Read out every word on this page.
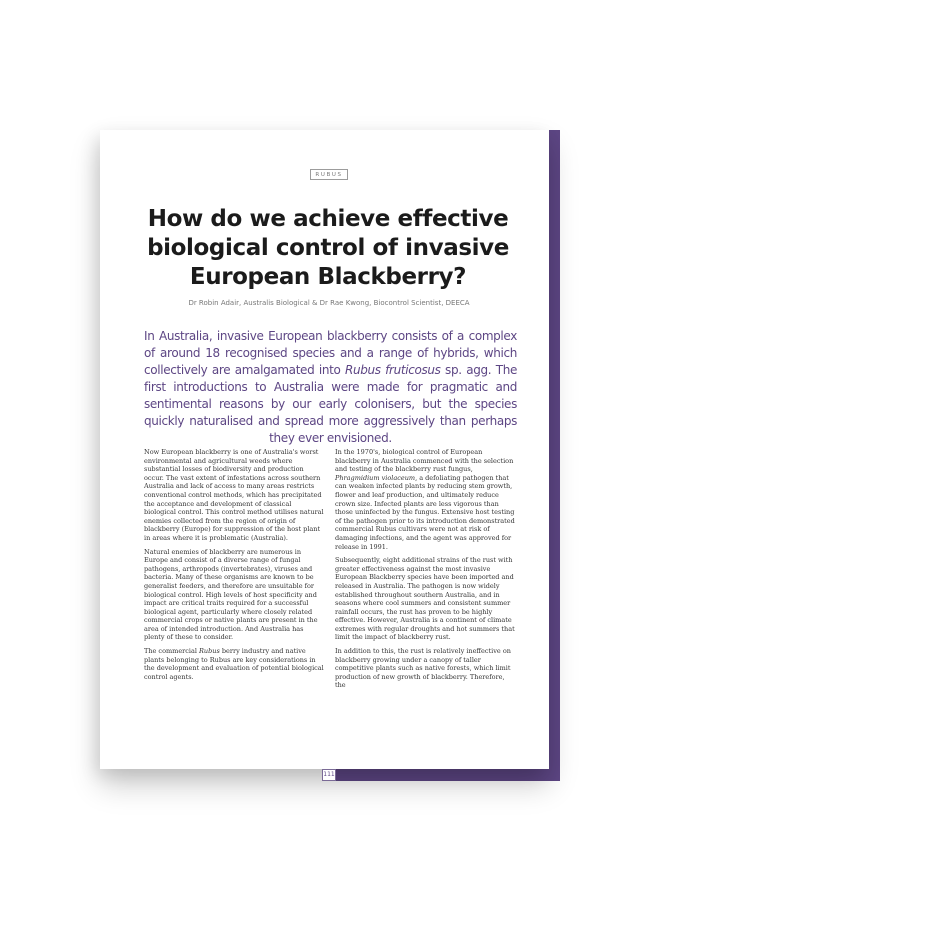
RUBUS
How do we achieve effective biological control of invasive European Blackberry?
Dr Robin Adair, Australis Biological & Dr Rae Kwong, Biocontrol Scientist, DEECA

In Australia, invasive European blackberry consists of a complex of around 18 recognised species and a range of hybrids, which collectively are amalgamated into Rubus fruticosus sp. agg. The first introductions to Australia were made for pragmatic and sentimental reasons by our early colonisers, but the species quickly naturalised and spread more aggressively than perhaps they ever envisioned.

Now European blackberry is one of Australia's worst environmental and agricultural weeds where substantial losses of biodiversity and production occur. The vast extent of infestations across southern Australia and lack of access to many areas restricts conventional control methods, which has precipitated the acceptance and development of classical biological control. This control method utilises natural enemies collected from the region of origin of blackberry (Europe) for suppression of the host plant in areas where it is problematic (Australia).

Natural enemies of blackberry are numerous in Europe and consist of a diverse range of fungal pathogens, arthropods (invertebrates), viruses and bacteria. Many of these organisms are known to be generalist feeders, and therefore are unsuitable for biological control. High levels of host specificity and impact are critical traits required for a successful biological agent, particularly where closely related commercial crops or native plants are present in the area of intended introduction. And Australia has plenty of these to consider.

The commercial Rubus berry industry and native plants belonging to Rubus are key considerations in the development and evaluation of potential biological control agents.

In the 1970's, biological control of European blackberry in Australia commenced with the selection and testing of the blackberry rust fungus, Phragmidium violaceum, a defoliating pathogen that can weaken infected plants by reducing stem growth, flower and leaf production, and ultimately reduce crown size. Infected plants are less vigorous than those uninfected by the fungus. Extensive host testing of the pathogen prior to its introduction demonstrated commercial Rubus cultivars were not at risk of damaging infections, and the agent was approved for release in 1991.

Subsequently, eight additional strains of the rust with greater effectiveness against the most invasive European Blackberry species have been imported and released in Australia. The pathogen is now widely established throughout southern Australia, and in seasons where cool summers and consistent summer rainfall occurs, the rust has proven to be highly effective. However, Australia is a continent of climate extremes with regular droughts and hot summers that limit the impact of blackberry rust.

In addition to this, the rust is relatively ineffective on blackberry growing under a canopy of taller competitive plants such as native forests, which limit production of new growth of blackberry. Therefore, the

111
